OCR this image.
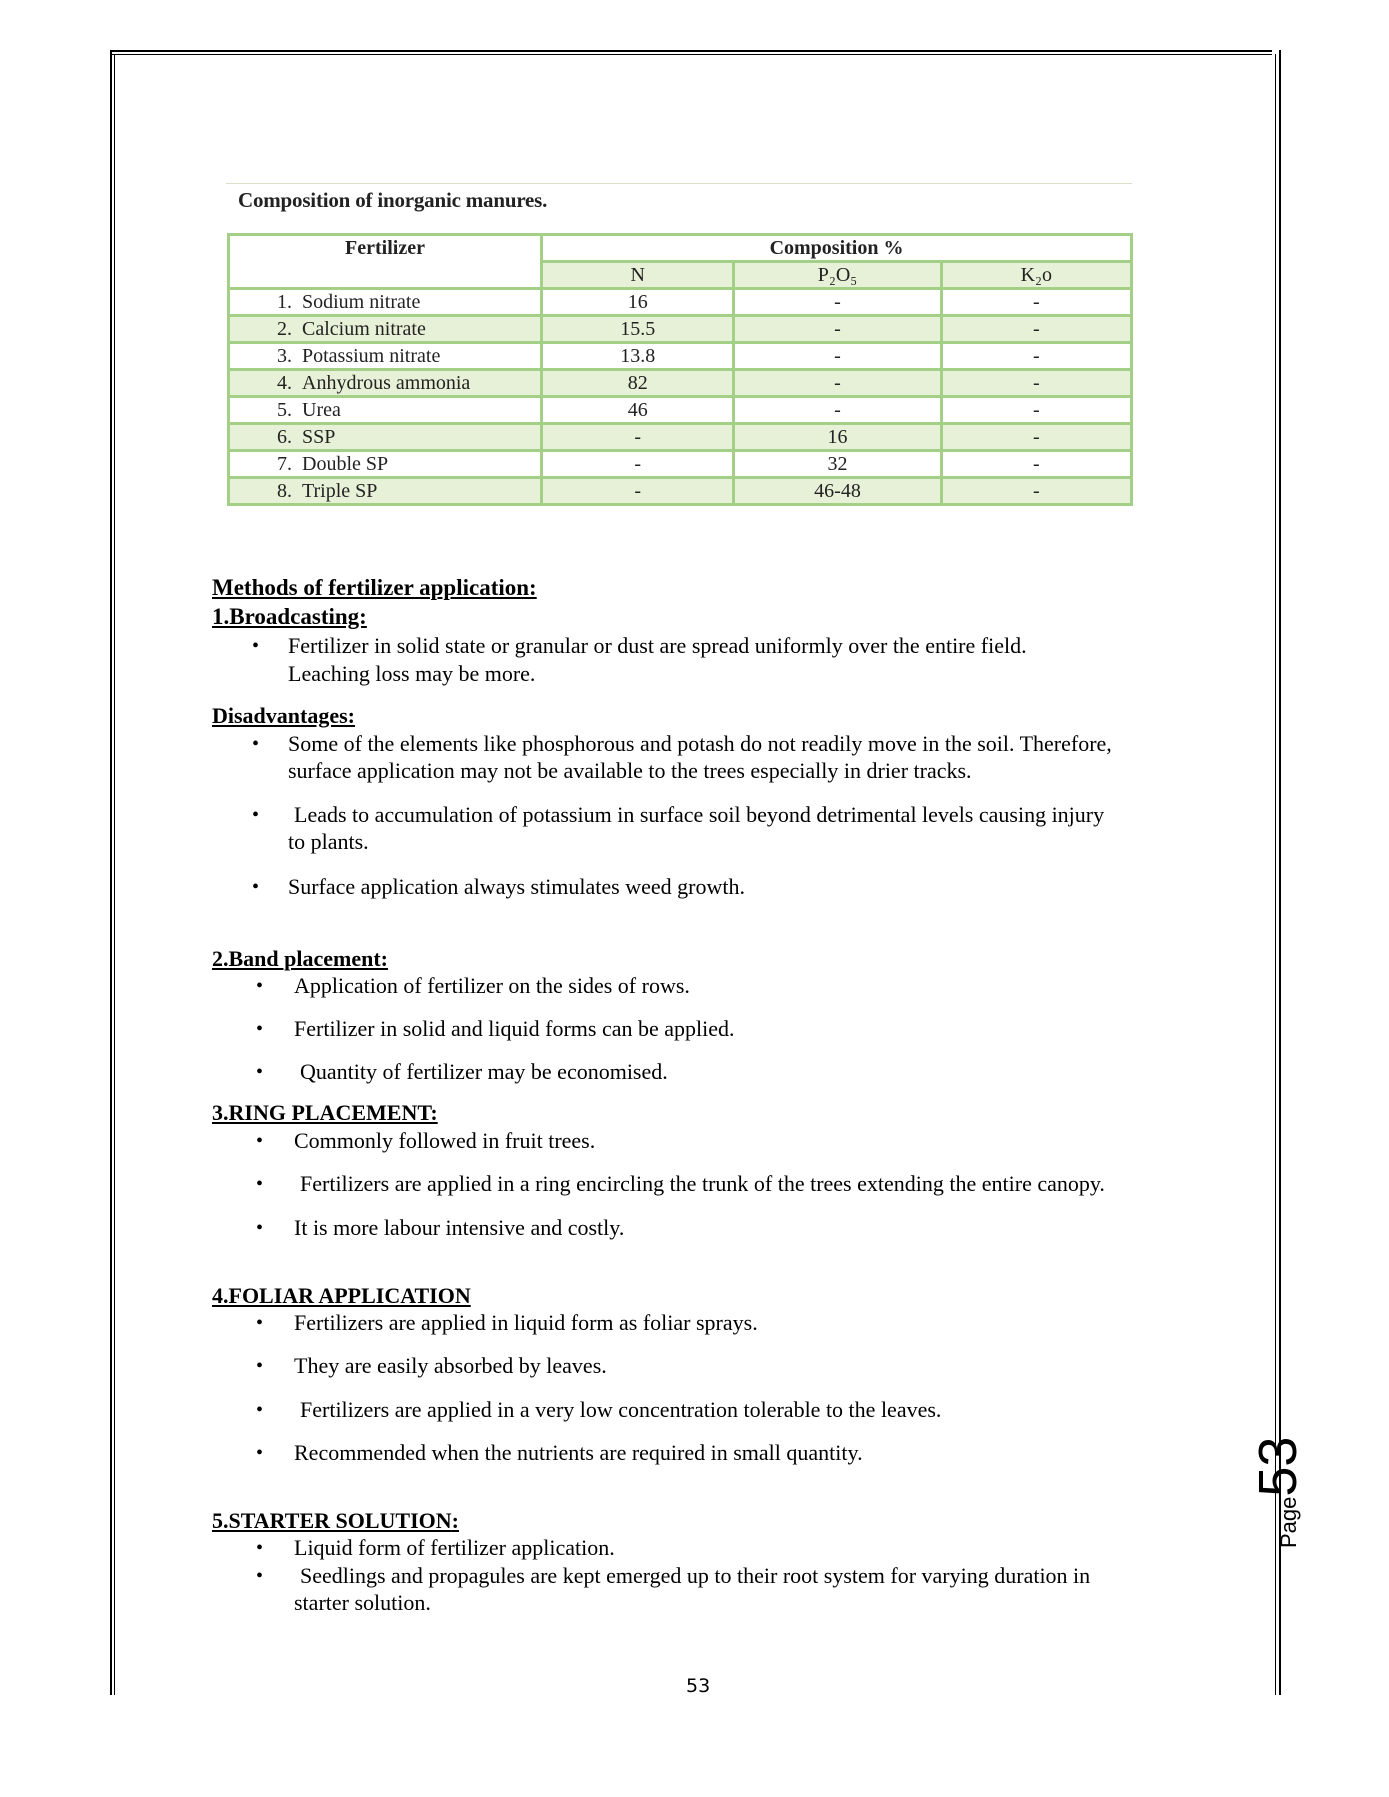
Composition of inorganic manures.
Fertilizer	Composition %		
	N	P₂O₅	K₂o
1. Sodium nitrate	16	-	-
2. Calcium nitrate	15.5	-	-
3. Potassium nitrate	13.8	-	-
4. Anhydrous ammonia	82	-	-
5. Urea	46	-	-
6. SSP	-	16	-
7. Double SP	-	32	-
8. Triple SP	-	46-48	-
Methods of fertilizer application:
1.Broadcasting:
• Fertilizer in solid state or granular or dust are spread uniformly over the entire field.
Leaching loss may be more.
Disadvantages:
• Some of the elements like phosphorous and potash do not readily move in the soil. Therefore,
surface application may not be available to the trees especially in drier tracks.
• Leads to accumulation of potassium in surface soil beyond detrimental levels causing injury
to plants.
• Surface application always stimulates weed growth.
2.Band placement:
• Application of fertilizer on the sides of rows.
• Fertilizer in solid and liquid forms can be applied.
• Quantity of fertilizer may be economised.
3.RING PLACEMENT:
• Commonly followed in fruit trees.
• Fertilizers are applied in a ring encircling the trunk of the trees extending the entire canopy.
• It is more labour intensive and costly.
4.FOLIAR APPLICATION
• Fertilizers are applied in liquid form as foliar sprays.
• They are easily absorbed by leaves.
• Fertilizers are applied in a very low concentration tolerable to the leaves.
• Recommended when the nutrients are required in small quantity.
5.STARTER SOLUTION:
• Liquid form of fertilizer application.
• Seedlings and propagules are kept emerged up to their root system for varying duration in
starter solution.
53
Page53
